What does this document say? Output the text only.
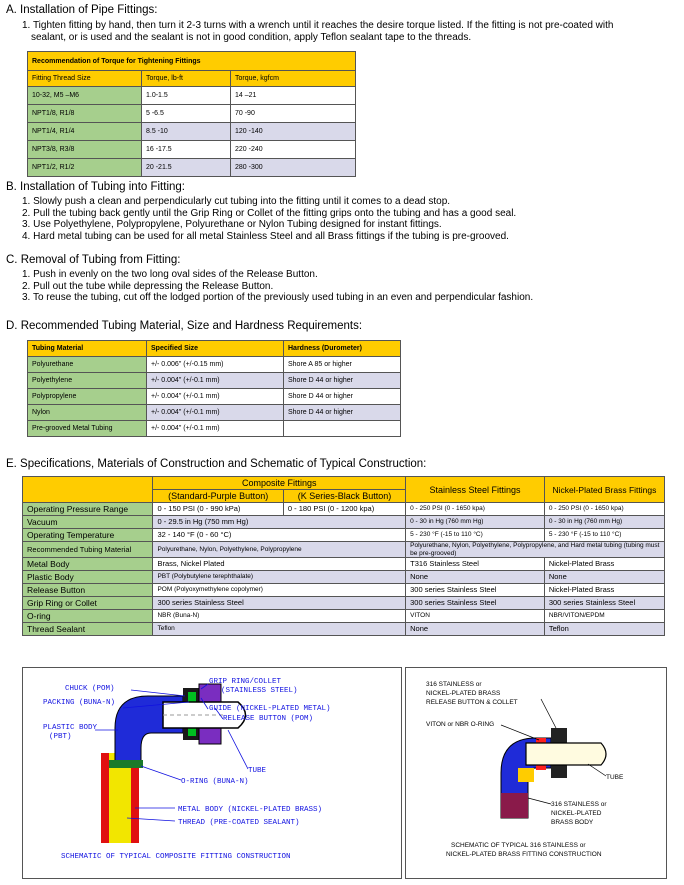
A. Installation of Pipe Fittings:
1. Tighten fitting by hand, then turn it 2-3 turns with a wrench until it reaches the desire torque listed. If the fitting is not pre-coated with
sealant, or is used and the sealant is not in good condition, apply Teflon sealant tape to the threads.
Recommendation of Torque for Tightening Fittings		
Fitting Thread Size	Torque, lb-ft	Torque, kgfcm
10-32, M5 –M6	1.0-1.5	14 –21
NPT1/8, R1/8	5 -6.5	70 -90
NPT1/4, R1/4	8.5 -10	120 -140
NPT3/8, R3/8	16 -17.5	220 -240
NPT1/2, R1/2	20 -21.5	280 -300
B. Installation of Tubing into Fitting:
1. Slowly push a clean and perpendicularly cut tubing into the fitting until it comes to a dead stop.
2. Pull the tubing back gently until the Grip Ring or Collet of the fitting grips onto the tubing and has a good seal.
3. Use Polyethylene, Polypropylene, Polyurethane or Nylon Tubing designed for instant fittings.
4. Hard metal tubing can be used for all metal Stainless Steel and all Brass fittings if the tubing is pre-grooved.
C. Removal of Tubing from Fitting:
1. Push in evenly on the two long oval sides of the Release Button.
2. Pull out the tube while depressing the Release Button.
3. To reuse the tubing, cut off the lodged portion of the previously used tubing in an even and perpendicular fashion.
D. Recommended Tubing Material, Size and Hardness Requirements:
Tubing Material	Specified Size	Hardness (Durometer)
Polyurethane	+/- 0.006" (+/-0.15 mm)	Shore A 85 or higher
Polyethylene	+/- 0.004" (+/-0.1 mm)	Shore D 44 or higher
Polypropylene	+/- 0.004" (+/-0.1 mm)	Shore D 44 or higher
Nylon	+/- 0.004" (+/-0.1 mm)	Shore D 44 or higher
Pre-grooved Metal Tubing	+/- 0.004" (+/-0.1 mm)	
E. Specifications, Materials of Construction and Schematic of Typical Construction:
	Composite Fittings		Stainless Steel Fittings	Nickel-Plated Brass Fittings
	(Standard-Purple Button)	(K Series-Black Button)		
Operating Pressure Range	0 - 150 PSI (0 - 990 kPa)	0 - 180 PSI (0 - 1200 kpa)	0 - 250 PSI (0 - 1650 kpa)	0 - 250 PSI (0 - 1650 kpa)
Vacuum	0 - 29.5 in Hg (750 mm Hg)		0 - 30 in Hg (760 mm Hg)	0 - 30 in Hg (760 mm Hg)
Operating Temperature	32 - 140 °F (0 - 60 °C)		5 - 230 °F (-15 to 110 °C)	5 - 230 °F (-15 to 110 °C)
Recommended Tubing Material	Polyurethane, Nylon, Polyethylene, Polypropylene		Polyurethane, Nylon, Polyethylene, Polypropylene, and Hard metal tubing (tubing must be pre-grooved)	
Metal Body	Brass, Nickel Plated		T316 Stainless Steel	Nickel-Plated Brass
Plastic Body	PBT (Polybutylene terephthalate)		None	None
Release Button	POM (Polyoxymethylene copolymer)		300 series Stainless Steel	Nickel-Plated Brass
Grip Ring or Collet	300 series Stainless Steel		300 series Stainless Steel	300 series Stainless Steel
O-ring	NBR (Buna-N)		VITON	NBR/VITON/EPDM
Thread Sealant	Teflon		None	Teflon
CHUCK (POM)
PACKING (BUNA-N)
PLASTIC BODY
(PBT)
GRIP RING/COLLET
(STAINLESS STEEL)
GUIDE (NICKEL-PLATED METAL)
RELEASE BUTTON (POM)
TUBE
O-RING (BUNA-N)
METAL BODY (NICKEL-PLATED BRASS)
THREAD (PRE-COATED SEALANT)
SCHEMATIC OF TYPICAL COMPOSITE FITTING CONSTRUCTION
316 STAINLESS or
NICKEL-PLATED BRASS
RELEASE BUTTON & COLLET
VITON or NBR O-RING
TUBE
316 STAINLESS or
NICKEL-PLATED
BRASS BODY
SCHEMATIC OF TYPICAL 316 STAINLESS or
NICKEL-PLATED BRASS FITTING CONSTRUCTION
